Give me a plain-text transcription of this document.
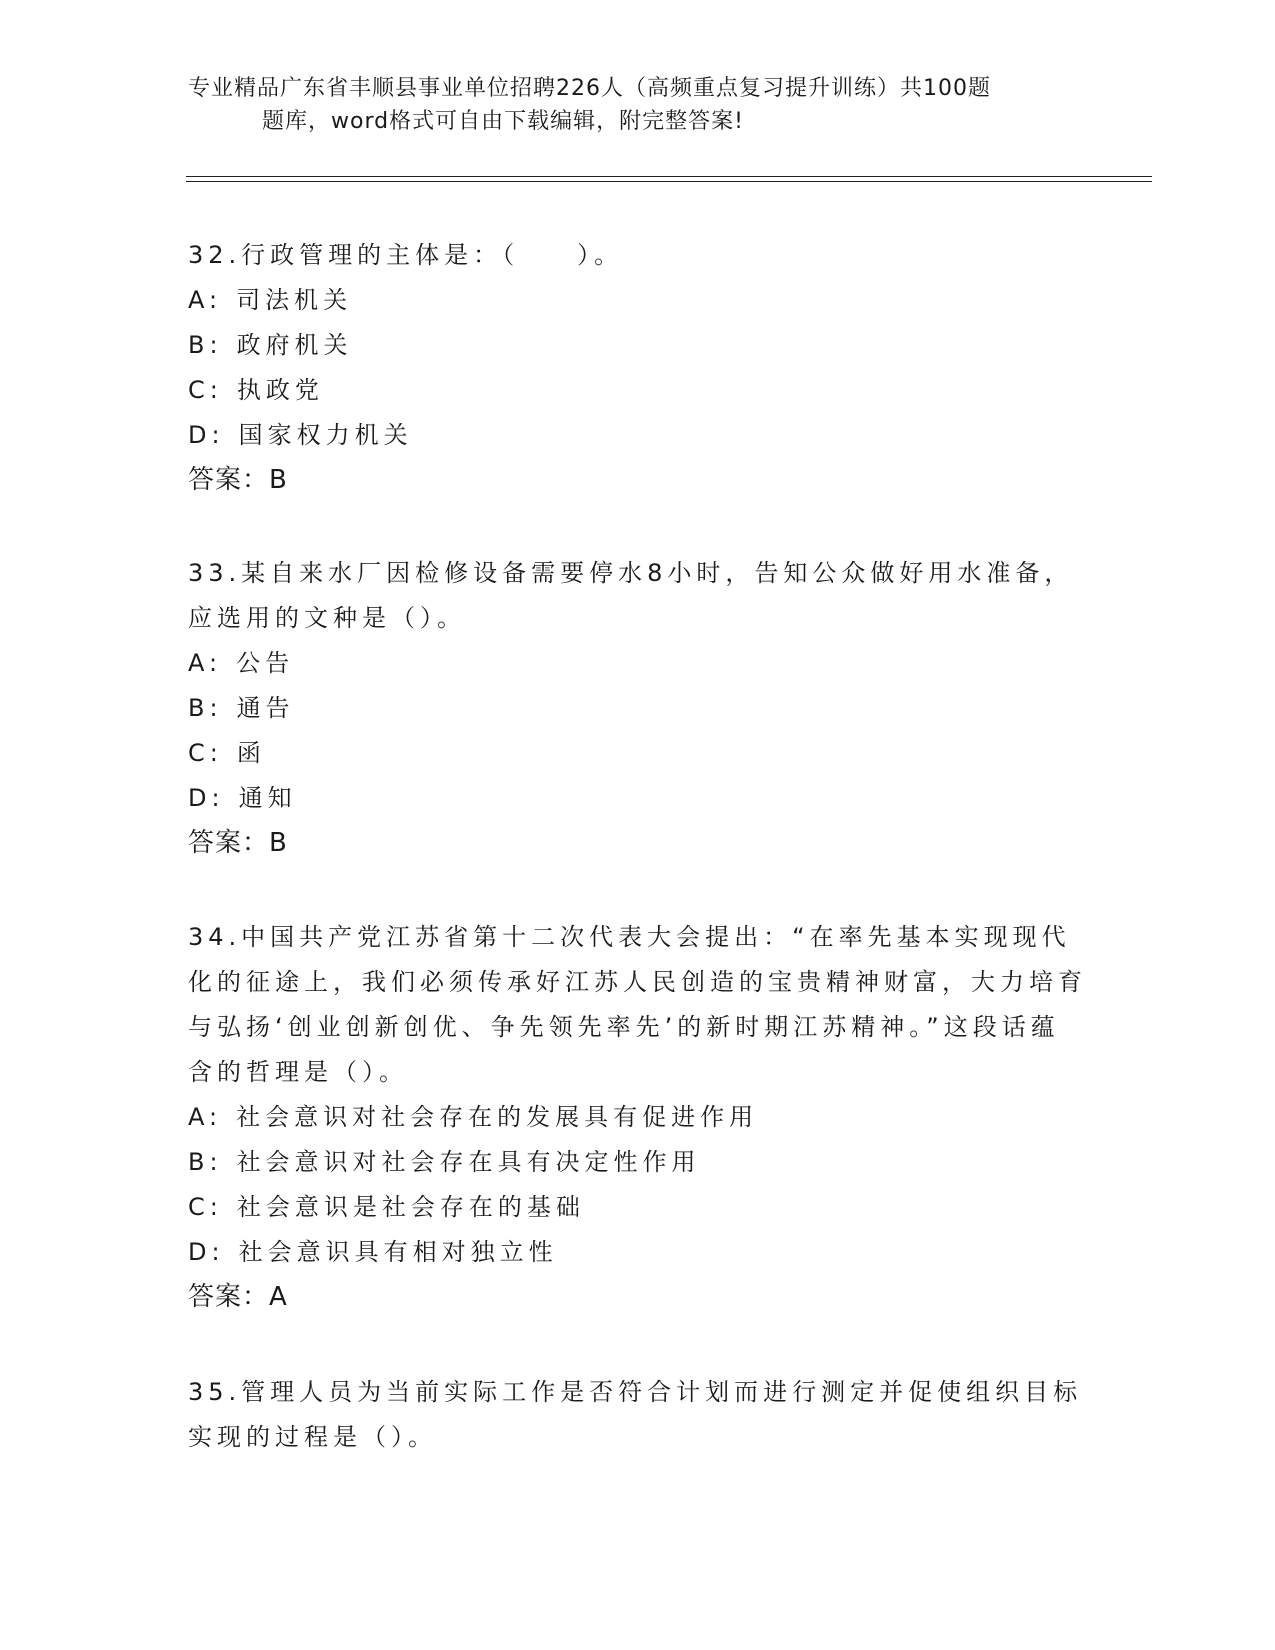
专业精品广东省丰顺县事业单位招聘226人（高频重点复习提升训练）共100题
题库，word格式可自由下载编辑，附完整答案!

32.行政管理的主体是：（　　）。

A: 司法机关

B: 政府机关

C: 执政党

D: 国家权力机关

答案：B

33.某自来水厂因检修设备需要停水8小时，告知公众做好用水准备，应选用的文种是（）。

A: 公告

B: 通告

C: 函

D: 通知

答案：B

34.中国共产党江苏省第十二次代表大会提出：“在率先基本实现现代化的征途上，我们必须传承好江苏人民创造的宝贵精神财富，大力培育与弘扬‘创业创新创优、争先领先率先’的新时期江苏精神。”这段话蕴含的哲理是（）。

A: 社会意识对社会存在的发展具有促进作用

B: 社会意识对社会存在具有决定性作用

C: 社会意识是社会存在的基础

D: 社会意识具有相对独立性

答案：A

35.管理人员为当前实际工作是否符合计划而进行测定并促使组织目标实现的过程是（）。
